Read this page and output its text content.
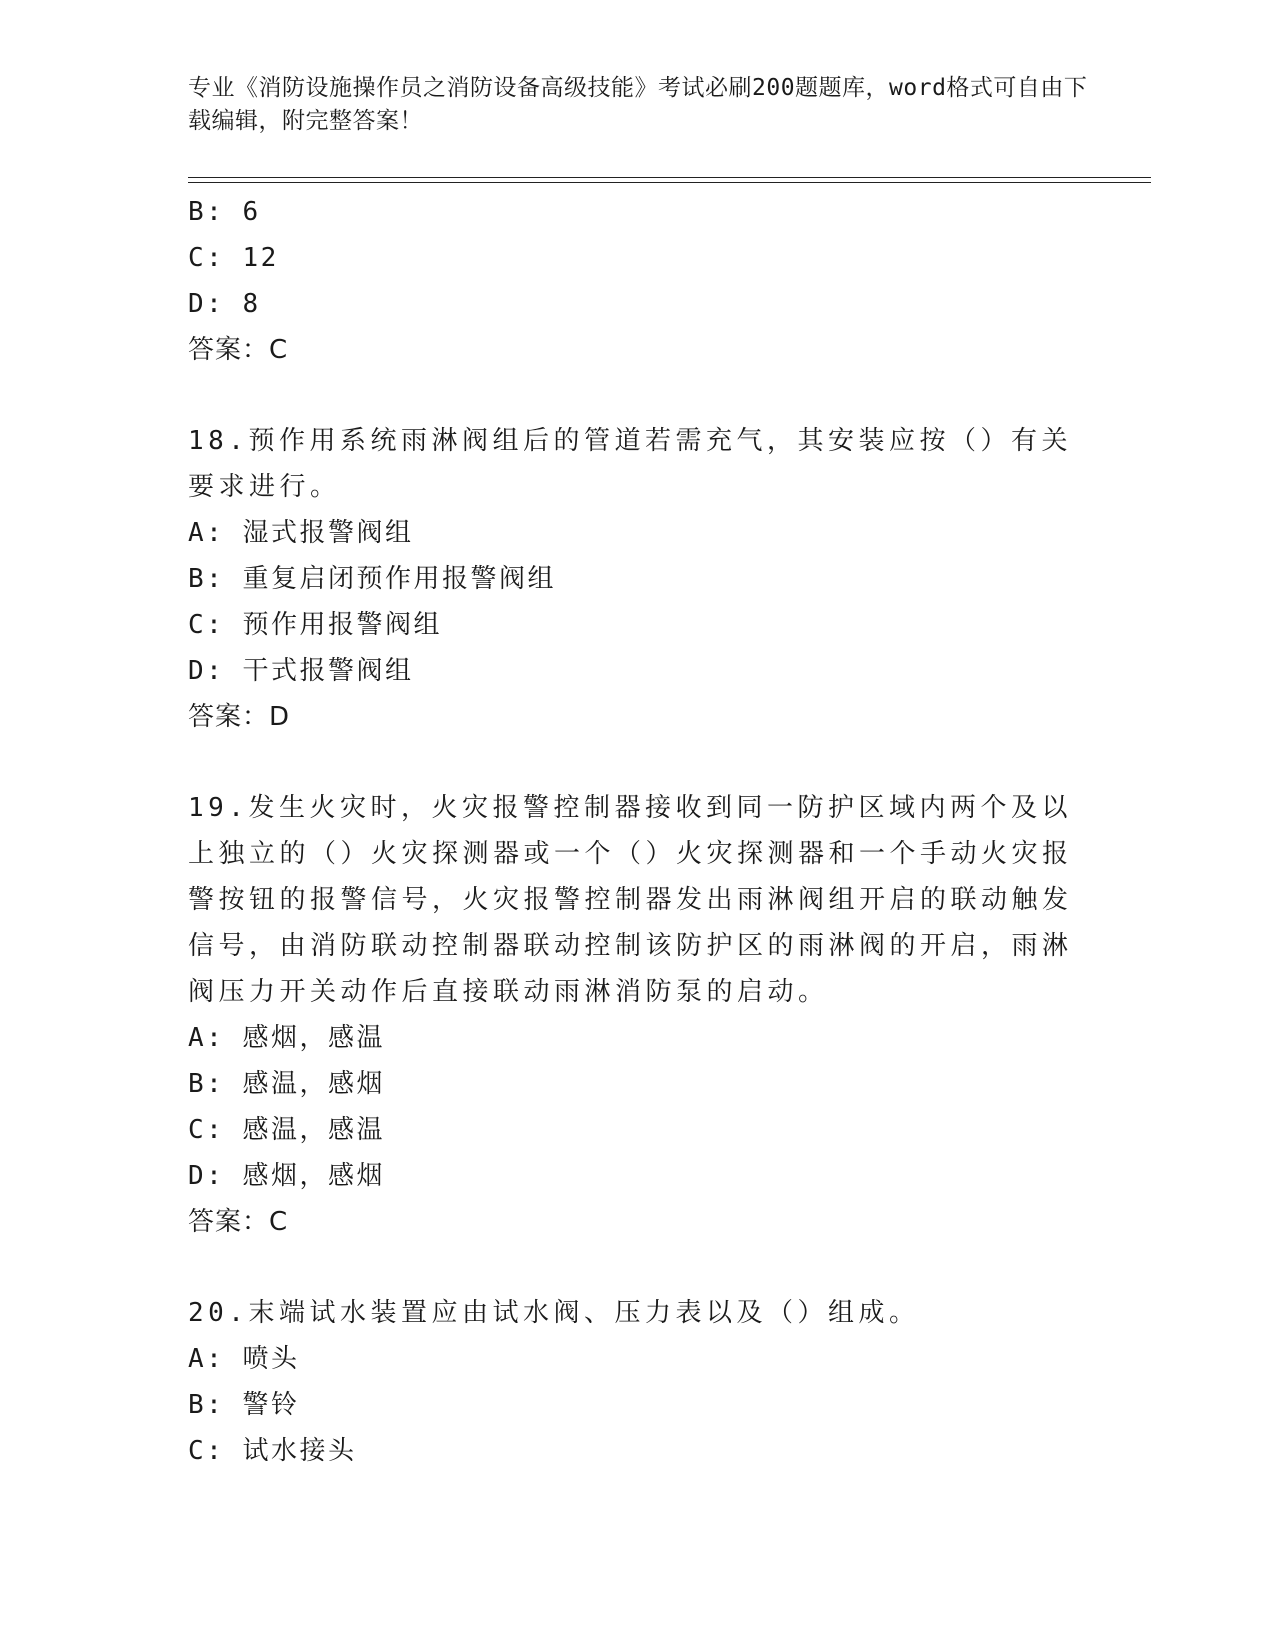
专业《消防设施操作员之消防设备高级技能》考试必刷200题题库，word格式可自由下载编辑，附完整答案！
B: 6
C: 12
D: 8
答案：C
18.预作用系统雨淋阀组后的管道若需充气，其安装应按（）有关要求进行。
A: 湿式报警阀组
B: 重复启闭预作用报警阀组
C: 预作用报警阀组
D: 干式报警阀组
答案：D
19.发生火灾时，火灾报警控制器接收到同一防护区域内两个及以上独立的（）火灾探测器或一个（）火灾探测器和一个手动火灾报警按钮的报警信号，火灾报警控制器发出雨淋阀组开启的联动触发信号，由消防联动控制器联动控制该防护区的雨淋阀的开启，雨淋阀压力开关动作后直接联动雨淋消防泵的启动。
A: 感烟，感温
B: 感温，感烟
C: 感温，感温
D: 感烟，感烟
答案：C
20.末端试水装置应由试水阀、压力表以及（）组成。
A: 喷头
B: 警铃
C: 试水接头
